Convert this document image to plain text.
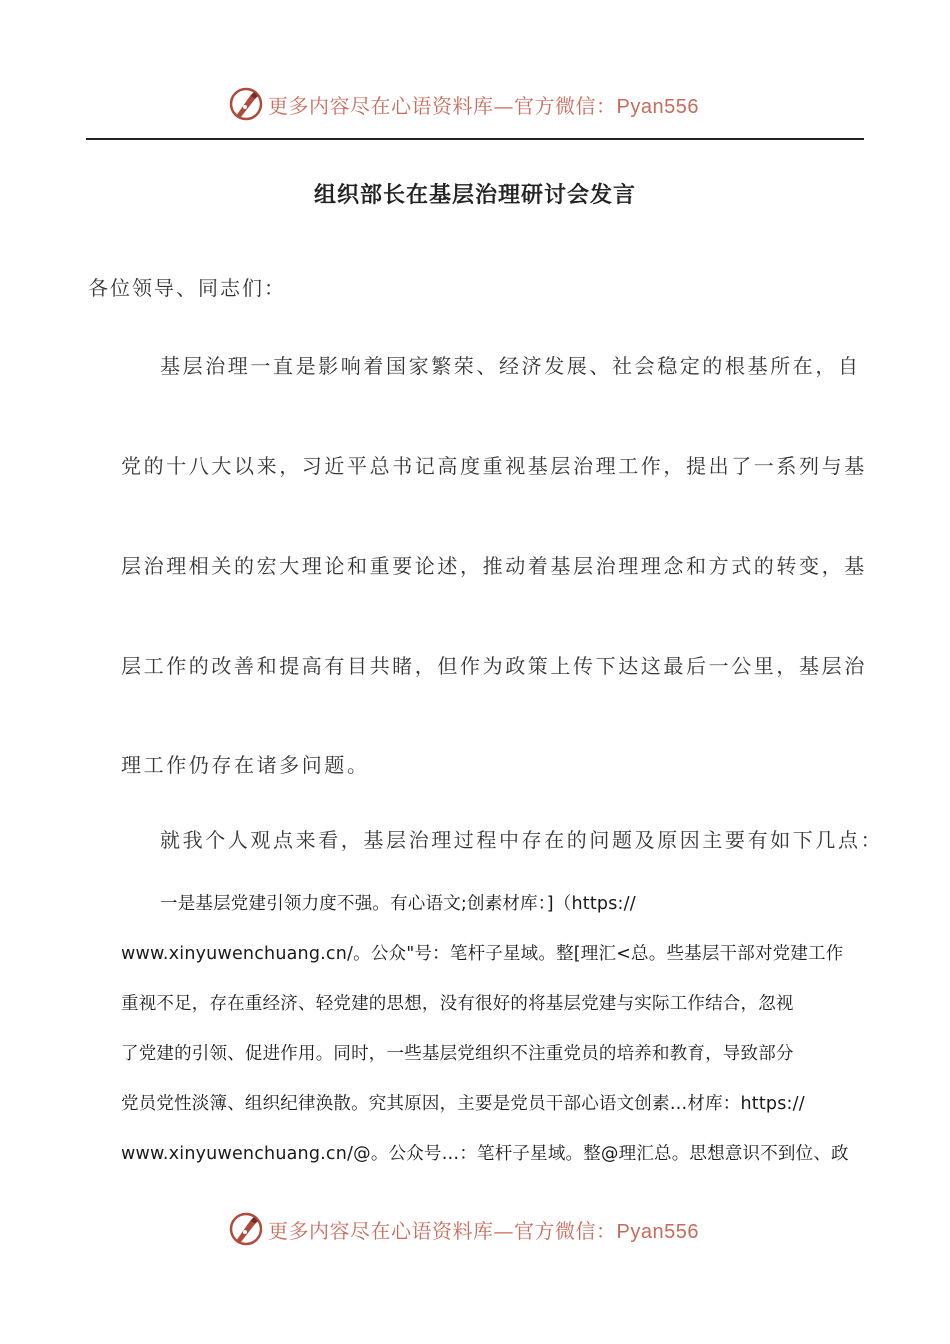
更多内容尽在心语资料库—官方微信：Pyan556
组织部长在基层治理研讨会发言
各位领导、同志们：
基层治理一直是影响着国家繁荣、经济发展、社会稳定的根基所在，自
党的十八大以来，习近平总书记高度重视基层治理工作，提出了一系列与基
层治理相关的宏大理论和重要论述，推动着基层治理理念和方式的转变，基
层工作的改善和提高有目共睹，但作为政策上传下达这最后一公里，基层治
理工作仍存在诸多问题。
就我个人观点来看，基层治理过程中存在的问题及原因主要有如下几点：
一是基层党建引领力度不强。有心语文;创素材库：]（https://
www.xinyuwenchuang.cn/。公众"号：笔杆子星域。整[理汇<总。些基层干部对党建工作
重视不足，存在重经济、轻党建的思想，没有很好的将基层党建与实际工作结合，忽视
了党建的引领、促进作用。同时，一些基层党组织不注重党员的培养和教育，导致部分
党员党性淡簿、组织纪律涣散。究其原因，主要是党员干部心语文创素…材库：https://
www.xinyuwenchuang.cn/@。公众号…：笔杆子星域。整@理汇总。思想意识不到位、政
更多内容尽在心语资料库—官方微信：Pyan556
